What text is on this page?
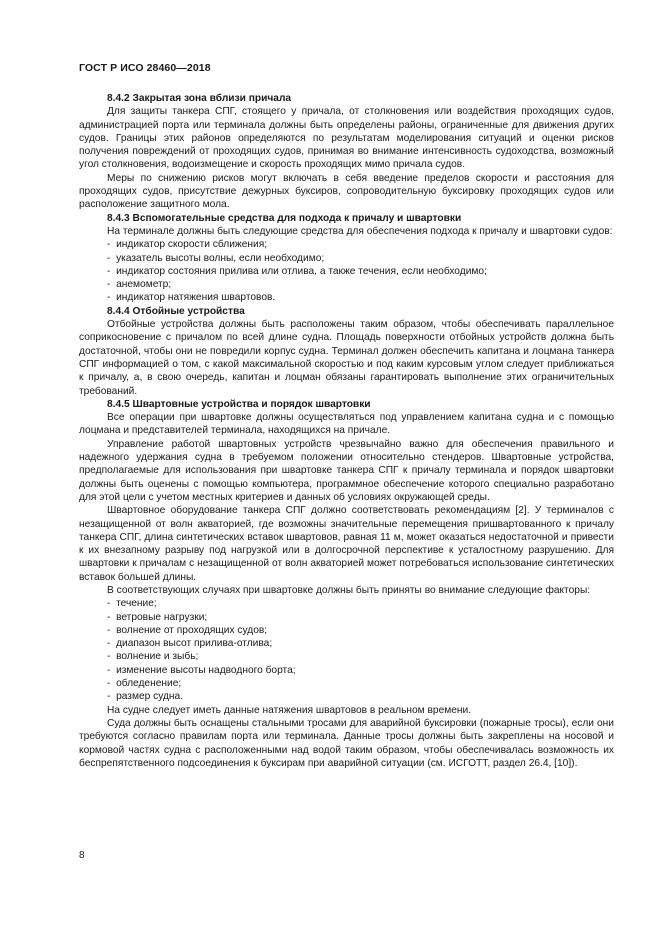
ГОСТ Р ИСО 28460—2018
8.4.2 Закрытая зона вблизи причала

Для защиты танкера СПГ, стоящего у причала, от столкновения или воздействия проходящих судов, администрацией порта или терминала должны быть определены районы, ограниченные для движения других судов. Границы этих районов определяются по результатам моделирования ситуаций и оценки рисков получения повреждений от проходящих судов, принимая во внимание интенсивность судоходства, возможный угол столкновения, водоизмещение и скорость проходящих мимо причала судов.

Меры по снижению рисков могут включать в себя введение пределов скорости и расстояния для проходящих судов, присутствие дежурных буксиров, сопроводительную буксировку проходящих судов или расположение защитного мола.

8.4.3 Вспомогательные средства для подхода к причалу и швартовки

На терминале должны быть следующие средства для обеспечения подхода к причалу и швартовки судов:

-  индикатор скорости сближения;
-  указатель высоты волны, если необходимо;
-  индикатор состояния прилива или отлива, а также течения, если необходимо;
-  анемометр;
-  индикатор натяжения швартовов.
8.4.4 Отбойные устройства

Отбойные устройства должны быть расположены таким образом, чтобы обеспечивать параллельное соприкосновение с причалом по всей длине судна. Площадь поверхности отбойных устройств должна быть достаточной, чтобы они не повредили корпус судна. Терминал должен обеспечить капитана и лоцмана танкера СПГ информацией о том, с какой максимальной скоростью и под каким курсовым углом следует приближаться к причалу, а, в свою очередь, капитан и лоцман обязаны гарантировать выполнение этих ограничительных требований.

8.4.5 Швартовные устройства и порядок швартовки

Все операции при швартовке должны осуществляться под управлением капитана судна и с помощью лоцмана и представителей терминала, находящихся на причале.

Управление работой швартовных устройств чрезвычайно важно для обеспечения правильного и надежного удержания судна в требуемом положении относительно стендеров. Швартовные устройства, предполагаемые для использования при швартовке танкера СПГ к причалу терминала и порядок швартовки должны быть оценены с помощью компьютера, программное обеспечение которого специально разработано для этой цели с учетом местных критериев и данных об условиях окружающей среды.

Швартовное оборудование танкера СПГ должно соответствовать рекомендациям [2]. У терминалов с незащищенной от волн акваторией, где возможны значительные перемещения пришвартованного к причалу танкера СПГ, длина синтетических вставок швартовов, равная 11 м, может оказаться недостаточной и привести к их внезапному разрыву под нагрузкой или в долгосрочной перспективе к усталостному разрушению. Для швартовки к причалам с незащищенной от волн акваторией может потребоваться использование синтетических вставок большей длины.

В соответствующих случаях при швартовке должны быть приняты во внимание следующие факторы:

-  течение;
-  ветровые нагрузки;
-  волнение от проходящих судов;
-  диапазон высот прилива-отлива;
-  волнение и зыбь;
-  изменение высоты надводного борта;
-  обледенение;
-  размер судна.

На судне следует иметь данные натяжения швартовов в реальном времени.

Суда должны быть оснащены стальными тросами для аварийной буксировки (пожарные тросы), если они требуются согласно правилам порта или терминала. Данные тросы должны быть закреплены на носовой и кормовой частях судна с расположенными над водой таким образом, чтобы обеспечивалась возможность их беспрепятственного подсоединения к буксирам при аварийной ситуации (см. ИСГОТТ, раздел 26.4, [10]).

8
